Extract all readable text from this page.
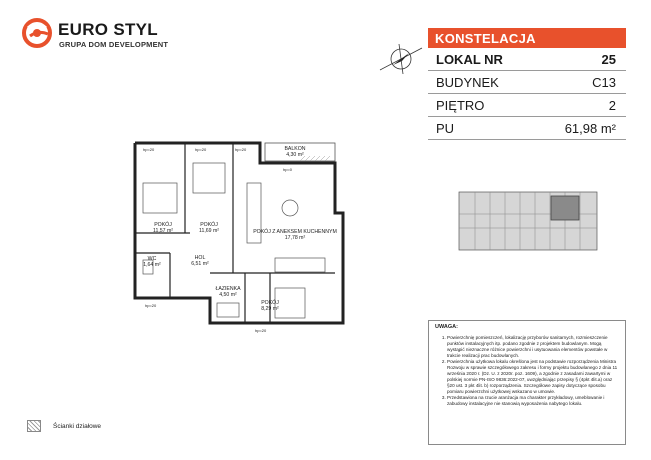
EURO STYL
GRUPA DOM DEVELOPMENT	KONSTELACJA
LOKAL NR	25
BUDYNEK	C13
PIĘTRO	2
PU	61,98 m²
POKÓJ
11,57 m²
POKÓJ
11,69 m²	POKÓJ Z ANEKSEM KUCHENNYM
17,78 m²
BALKON
4,30 m²
HOL
6,51 m²
WC
1,64 m²
ŁAZIENKA
4,50 m²
POKÓJ
8,29 m²
hp=20	hp=20	hp=20
hp=0
hp=20
hp=20
UWAGA:
1. Powierzchnię pomieszczeń, lokalizację przyborów sanitarnych, rozmieszczenie punktów instalacyjnych itp. podano zgodnie z projektem budowlanym. Mogą wystąpić nieznaczne różnice powierzchni i usytuowania elementów powstałe w trakcie realizacji prac budowlanych.
2. Powierzchnia użytkowa lokalu określona jest na podstawie rozporządzenia Ministra Rozwoju w sprawie szczegółowego zakresu i formy projektu budowlanego z dnia 11 września 2020 r. (Dz. U. z 2020r. poz. 1609), a zgodnie z zasadami zawartymi w polskiej normie PN-ISO 9836:2022-07, uwzględniając przepisy § (4pkt 4lit.a) oraz §20 ust. 3 pkt 4lit. b) rozporządzenia. Szczegółowe zapisy dotyczące sposobu pomiaru powierzchni użytkowej wskazano w umowie.
3. Przedstawiona na rzucie aranżacja ma charakter przykładowy, umeblowanie i zabudowy instalacyjne nie stanowią wyposażenia nabytego lokalu.
Ścianki działowe
